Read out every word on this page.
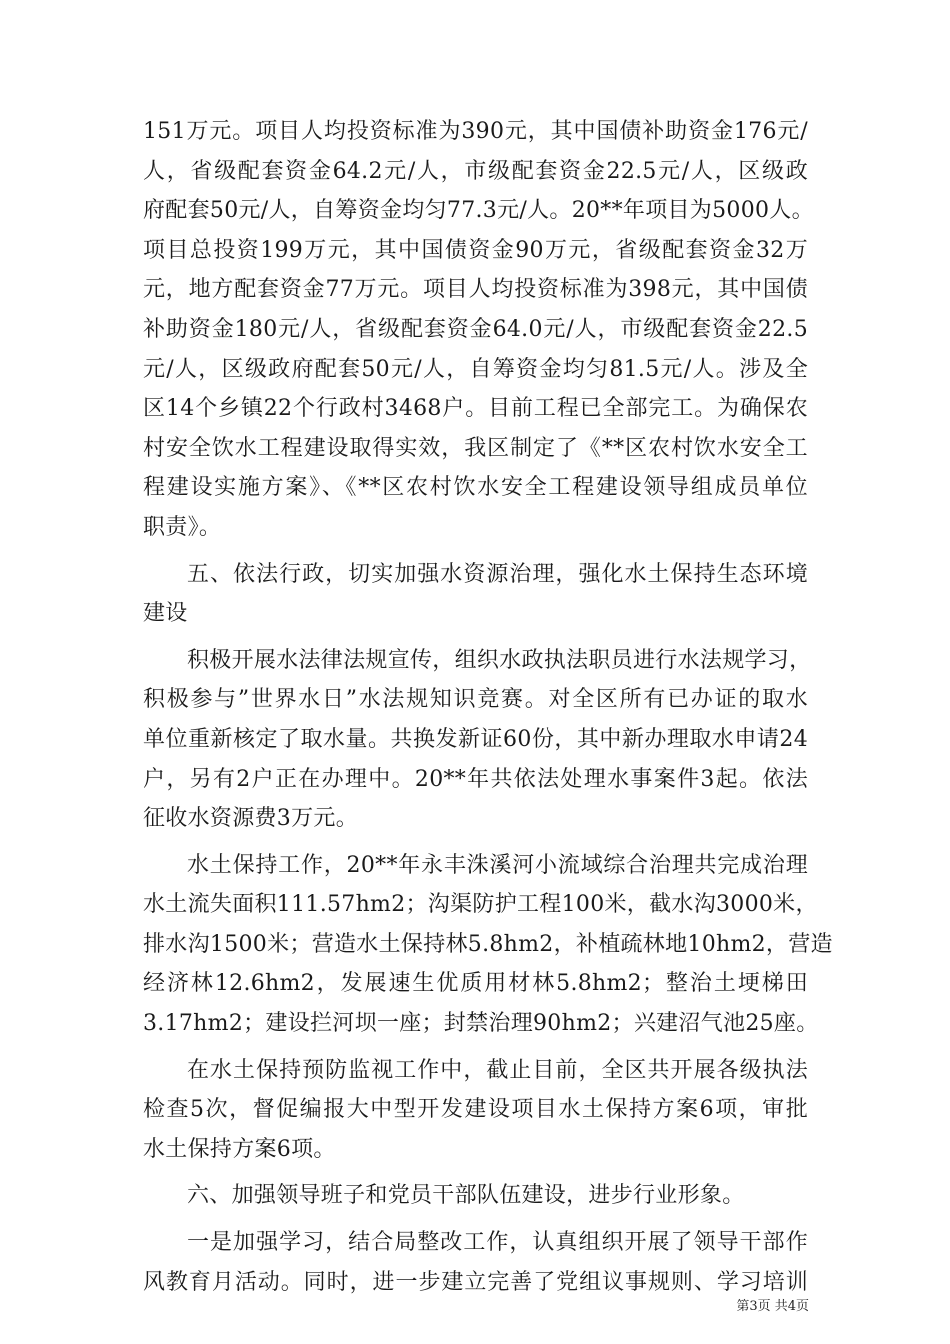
151万元。项目人均投资标准为390元，其中国债补助资金176元/
人，省级配套资金64.2元/人，市级配套资金22.5元/人，区级政
府配套50元/人，自筹资金均匀77.3元/人。20**年项目为5000人。
项目总投资199万元，其中国债资金90万元，省级配套资金32万
元，地方配套资金77万元。项目人均投资标准为398元，其中国债
补助资金180元/人，省级配套资金64.0元/人，市级配套资金22.5
元/人，区级政府配套50元/人，自筹资金均匀81.5元/人。涉及全
区14个乡镇22个行政村3468户。目前工程已全部完工。为确保农
村安全饮水工程建设取得实效，我区制定了《**区农村饮水安全工
程建设实施方案》、《**区农村饮水安全工程建设领导组成员单位
职责》。
五、依法行政，切实加强水资源治理，强化水土保持生态环境
建设
积极开展水法律法规宣传，组织水政执法职员进行水法规学习，
积极参与”世界水日”水法规知识竞赛。对全区所有已办证的取水
单位重新核定了取水量。共换发新证60份，其中新办理取水申请24
户，另有2户正在办理中。20**年共依法处理水事案件3起。依法
征收水资源费3万元。
水土保持工作，20**年永丰洙溪河小流域综合治理共完成治理
水土流失面积111.57hm2；沟渠防护工程100米，截水沟3000米，
排水沟1500米；营造水土保持林5.8hm2，补植疏林地10hm2，营造
经济林12.6hm2，发展速生优质用材林5.8hm2；整治土埂梯田
3.17hm2；建设拦河坝一座；封禁治理90hm2；兴建沼气池25座。
在水土保持预防监视工作中，截止目前，全区共开展各级执法
检查5次，督促编报大中型开发建设项目水土保持方案6项，审批
水土保持方案6项。
六、加强领导班子和党员干部队伍建设，进步行业形象。
一是加强学习，结合局整改工作，认真组织开展了领导干部作
风教育月活动。同时，进一步建立完善了党组议事规则、学习培训
第3页 共4页
